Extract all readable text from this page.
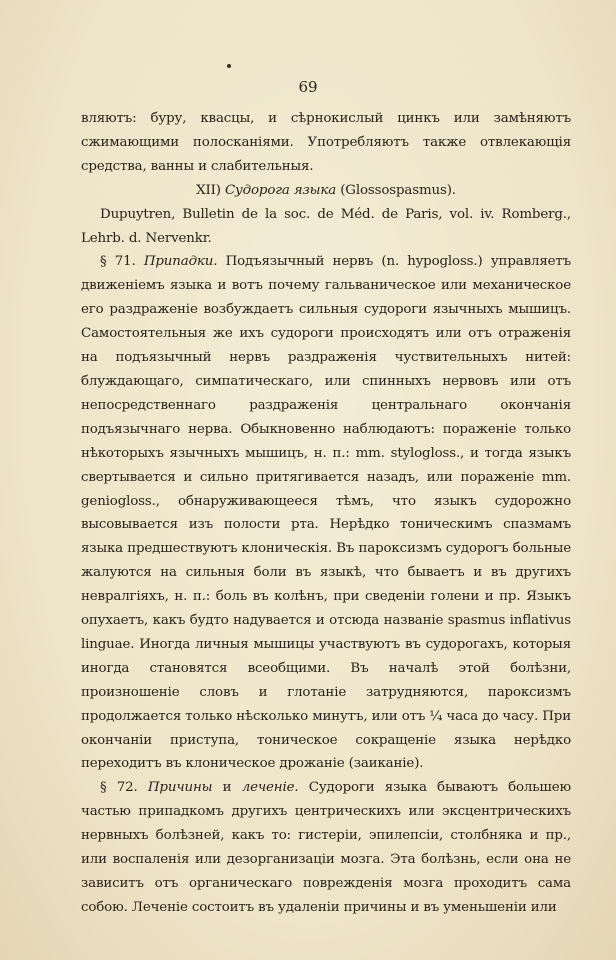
69

вляютъ: буру, квасцы, и сѣрнокислый цинкъ или замѣняютъ сжимающими полосканіями. Употребляютъ также отвлекающія средства, ванны и слабительныя.

XII) Судорога языка (Glossospasmus).

Dupuytren, Bulletin de la soc. de Méd. de Paris, vol. iv. Romberg., Lehrb. d. Nervenkr.

§ 71. Припадки. Подъязычный нервъ (n. hypogloss.) управляетъ движеніемъ языка и вотъ почему гальваническое или механическое его раздраженіе возбуждаетъ сильныя судороги язычныхъ мышицъ. Самостоятельныя же ихъ судороги происходятъ или отъ отраженія на подъязычный нервъ раздраженія чуствительныхъ нитей: блуждающаго, симпатическаго, или спинныхъ нервовъ или отъ непосредственнаго раздраженія центральнаго окончанія подъязычнаго нерва. Обыкновенно наблюдаютъ: пораженіе только нѣкоторыхъ язычныхъ мышицъ, н. п.: mm. stylogloss., и тогда языкъ свертывается и сильно притягивается назадъ, или пораженіе mm. geniogloss., обнаруживающееся тѣмъ, что языкъ судорожно высовывается изъ полости рта. Нерѣдко тоническимъ спазмамъ языка предшествуютъ клоническія. Въ пароксизмъ судорогъ больные жалуются на сильныя боли въ языкѣ, что бываетъ и въ другихъ невралгіяхъ, н. п.: боль въ колѣнъ, при сведеніи голени и пр. Языкъ опухаетъ, какъ будто надувается и отсюда названіе spasmus inflativus linguae. Иногда личныя мышицы участвуютъ въ судорогахъ, которыя иногда становятся всеобщими. Въ началѣ этой болѣзни, произношеніе словъ и глотаніе затрудняются, пароксизмъ продолжается только нѣсколько минутъ, или отъ ¼ часа до часу. При окончаніи приступа, тоническое сокращеніе языка нерѣдко переходитъ въ клоническое дрожаніе (заиканіе).

§ 72. Причины и леченіе. Судороги языка бываютъ большею частью припадкомъ другихъ центрическихъ или эксцентрическихъ нервныхъ болѣзней, какъ то: гистеріи, эпилепсіи, столбняка и пр., или воспаленія или дезорганизаціи мозга. Эта болѣзнь, если она не зависитъ отъ органическаго поврежденія мозга проходитъ сама собою. Леченіе состоитъ въ удаленіи причины и въ уменьшеніи или
